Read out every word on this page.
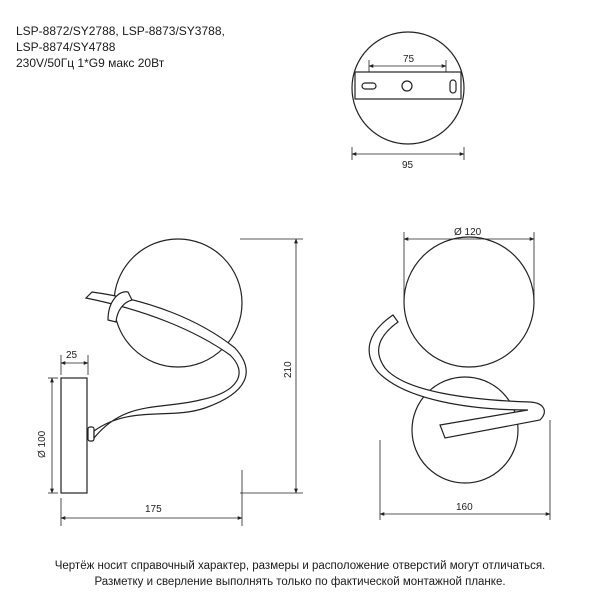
LSP-8872/SY2788, LSP-8873/SY3788,
LSP-8874/SY4788
230V/50Гц 1*G9 макс 20Вт	75
95
25
Ø 100
210
175
Ø 120
160
Чертёж носит справочный характер, размеры и расположение отверстий могут отличаться.
Разметку и сверление выполнять только по фактической монтажной планке.
